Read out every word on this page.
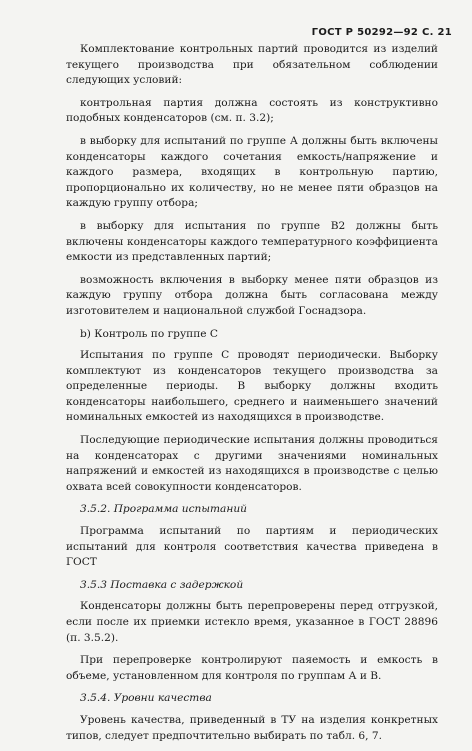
ГОСТ Р 50292—92 С. 21

Комплектование контрольных партий проводится из изделий текущего производства при обязательном соблюдении следующих условий:

контрольная партия должна состоять из конструктивно подобных конденсаторов (см. п. 3.2);

в выборку для испытаний по группе А должны быть включены конденсаторы каждого сочетания емкость/напряжение и каждого размера, входящих в контрольную партию, пропорционально их количеству, но не менее пяти образцов на каждую группу отбора;

в выборку для испытания по группе В2 должны быть включены конденсаторы каждого температурного коэффициента емкости из представленных партий;

возможность включения в выборку менее пяти образцов из каждую группу отбора должна быть согласована между изготовителем и национальной службой Госнадзора.

b) Контроль по группе С

Испытания по группе С проводят периодически. Выборку комплектуют из конденсаторов текущего производства за определенные периоды. В выборку должны входить конденсаторы наибольшего, среднего и наименьшего значений номинальных емкостей из находящихся в производстве.

Последующие периодические испытания должны проводиться на конденсаторах с другими значениями номинальных напряжений и емкостей из находящихся в производстве с целью охвата всей совокупности конденсаторов.

3.5.2. Программа испытаний

Программа испытаний по партиям и периодических испытаний для контроля соответствия качества приведена в ГОСТ

3.5.3 Поставка с задержкой

Конденсаторы должны быть перепроверены перед отгрузкой, если после их приемки истекло время, указанное в ГОСТ 28896 (п. 3.5.2).

При перепроверке контролируют паяемость и емкость в объеме, установленном для контроля по группам А и В.

3.5.4. Уровни качества

Уровень качества, приведенный в ТУ на изделия конкретных типов, следует предпочтительно выбирать по табл. 6, 7.
